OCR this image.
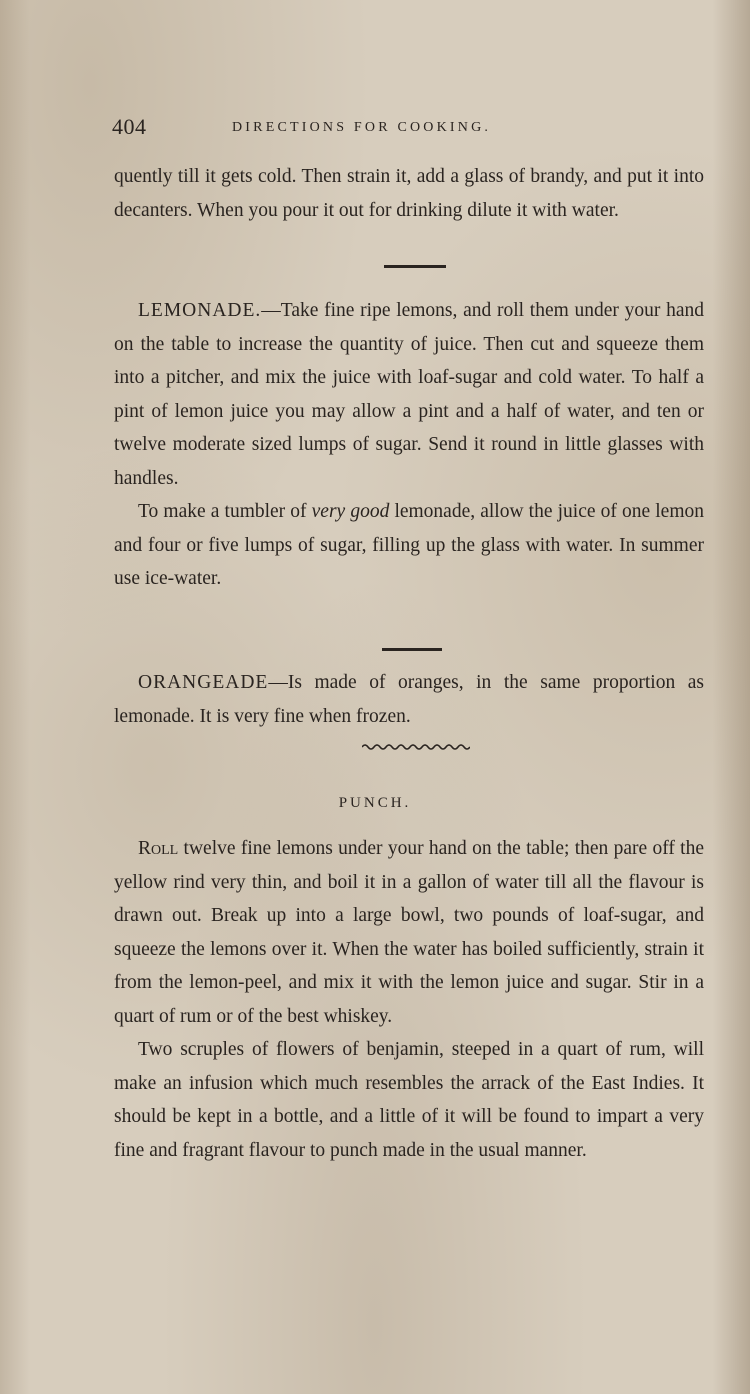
404	DIRECTIONS FOR COOKING.

quently till it gets cold. Then strain it, add a glass of brandy, and put it into decanters. When you pour it out for drinking dilute it with water.

LEMONADE.—Take fine ripe lemons, and roll them under your hand on the table to increase the quantity of juice. Then cut and squeeze them into a pitcher, and mix the juice with loaf-sugar and cold water. To half a pint of lemon juice you may allow a pint and a half of water, and ten or twelve moderate sized lumps of sugar. Send it round in little glasses with handles.

To make a tumbler of very good lemonade, allow the juice of one lemon and four or five lumps of sugar, filling up the glass with water. In summer use ice-water.

ORANGEADE—Is made of oranges, in the same proportion as lemonade. It is very fine when frozen.

PUNCH.

Roll twelve fine lemons under your hand on the table; then pare off the yellow rind very thin, and boil it in a gallon of water till all the flavour is drawn out. Break up into a large bowl, two pounds of loaf-sugar, and squeeze the lemons over it. When the water has boiled sufficiently, strain it from the lemon-peel, and mix it with the lemon juice and sugar. Stir in a quart of rum or of the best whiskey.

Two scruples of flowers of benjamin, steeped in a quart of rum, will make an infusion which much resembles the arrack of the East Indies. It should be kept in a bottle, and a little of it will be found to impart a very fine and fragrant flavour to punch made in the usual manner.
